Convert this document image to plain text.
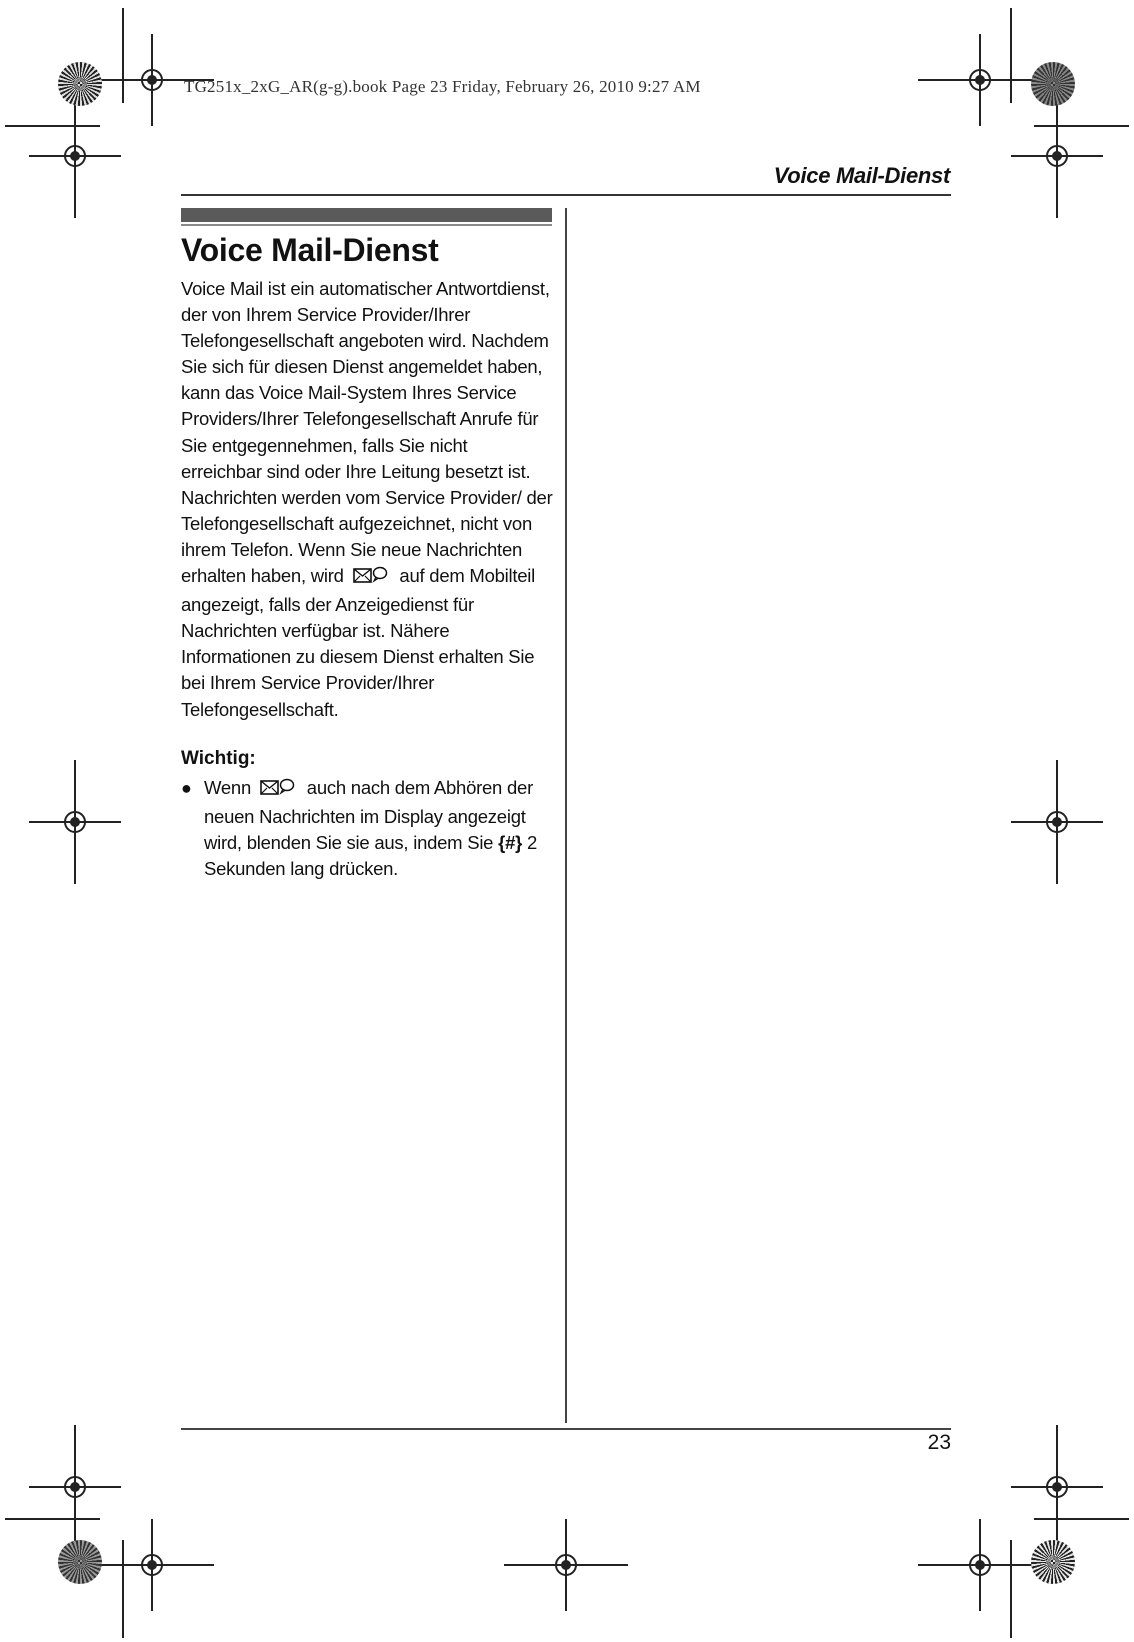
TG251x_2xG_AR(g-g).book Page 23 Friday, February 26, 2010 9:27 AM
Voice Mail-Dienst
23
Voice Mail-Dienst

Voice Mail ist ein automatischer Antwortdienst, der von Ihrem Service Provider/Ihrer Telefongesellschaft angeboten wird. Nachdem Sie sich für diesen Dienst angemeldet haben, kann das Voice Mail-System Ihres Service Providers/Ihrer Telefongesellschaft Anrufe für Sie entgegennehmen, falls Sie nicht erreichbar sind oder Ihre Leitung besetzt ist. Nachrichten werden vom Service Provider/ der Telefongesellschaft aufgezeichnet, nicht von ihrem Telefon. Wenn Sie neue Nachrichten erhalten haben, wird	auf dem Mobilteil angezeigt, falls der Anzeigedienst für Nachrichten verfügbar ist. Nähere Informationen zu diesem Dienst erhalten Sie bei Ihrem Service Provider/Ihrer Telefongesellschaft.

Wichtig:
● Wenn	auch nach dem Abhören der neuen Nachrichten im Display angezeigt wird, blenden Sie sie aus, indem Sie {#} 2 Sekunden lang drücken.
